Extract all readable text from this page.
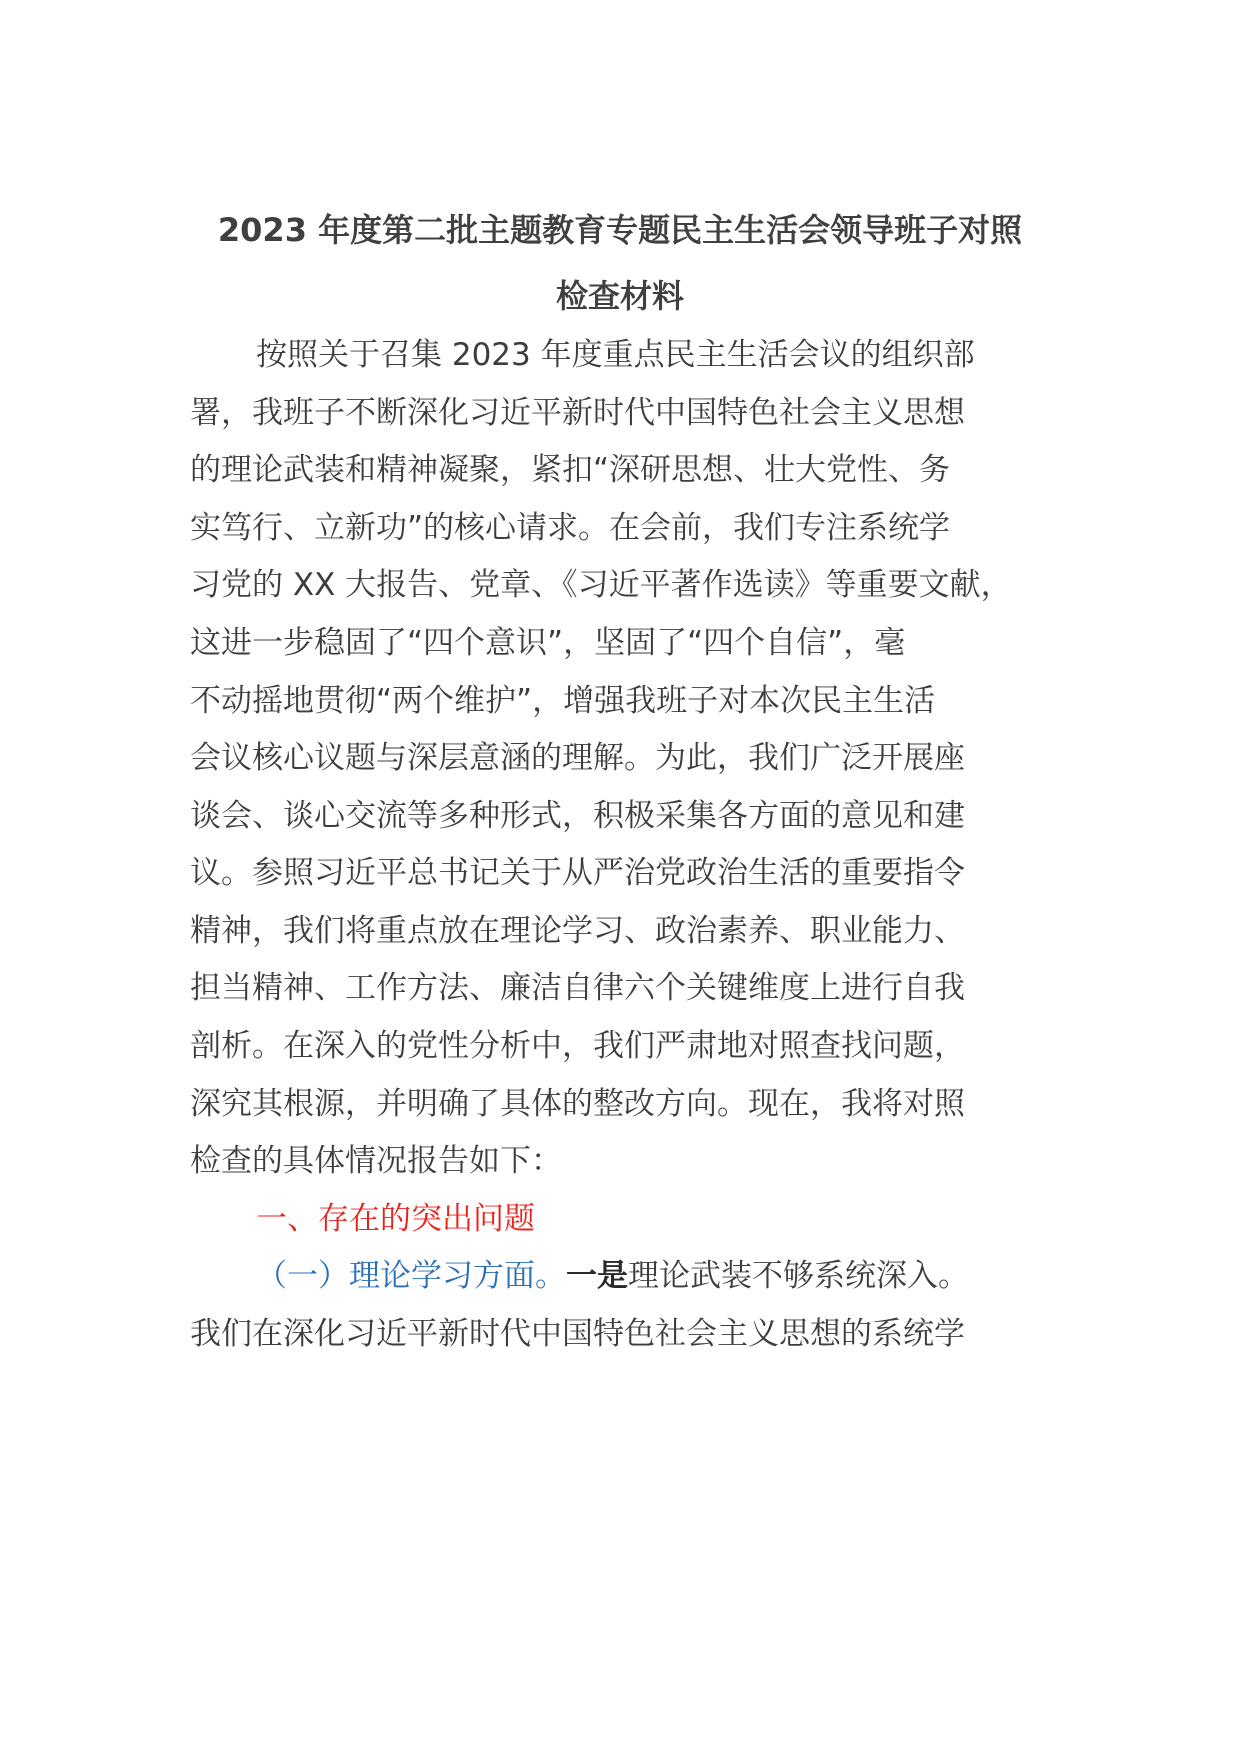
2023 年度第二批主题教育专题民主生活会领导班子对照
检查材料

按照关于召集 2023 年度重点民主生活会议的组织部

署，我班子不断深化习近平新时代中国特色社会主义思想

的理论武装和精神凝聚，紧扣“深研思想、壮大党性、务

实笃行、立新功”的核心请求。在会前，我们专注系统学

习党的 XX 大报告、党章、《习近平著作选读》等重要文献，

这进一步稳固了“四个意识”，坚固了“四个自信”，毫

不动摇地贯彻“两个维护”，增强我班子对本次民主生活

会议核心议题与深层意涵的理解。为此，我们广泛开展座

谈会、谈心交流等多种形式，积极采集各方面的意见和建

议。参照习近平总书记关于从严治党政治生活的重要指令

精神，我们将重点放在理论学习、政治素养、职业能力、

担当精神、工作方法、廉洁自律六个关键维度上进行自我

剖析。在深入的党性分析中，我们严肃地对照查找问题，

深究其根源，并明确了具体的整改方向。现在，我将对照

检查的具体情况报告如下：

一、存在的突出问题

（一）理论学习方面。一是理论武装不够系统深入。

我们在深化习近平新时代中国特色社会主义思想的系统学
